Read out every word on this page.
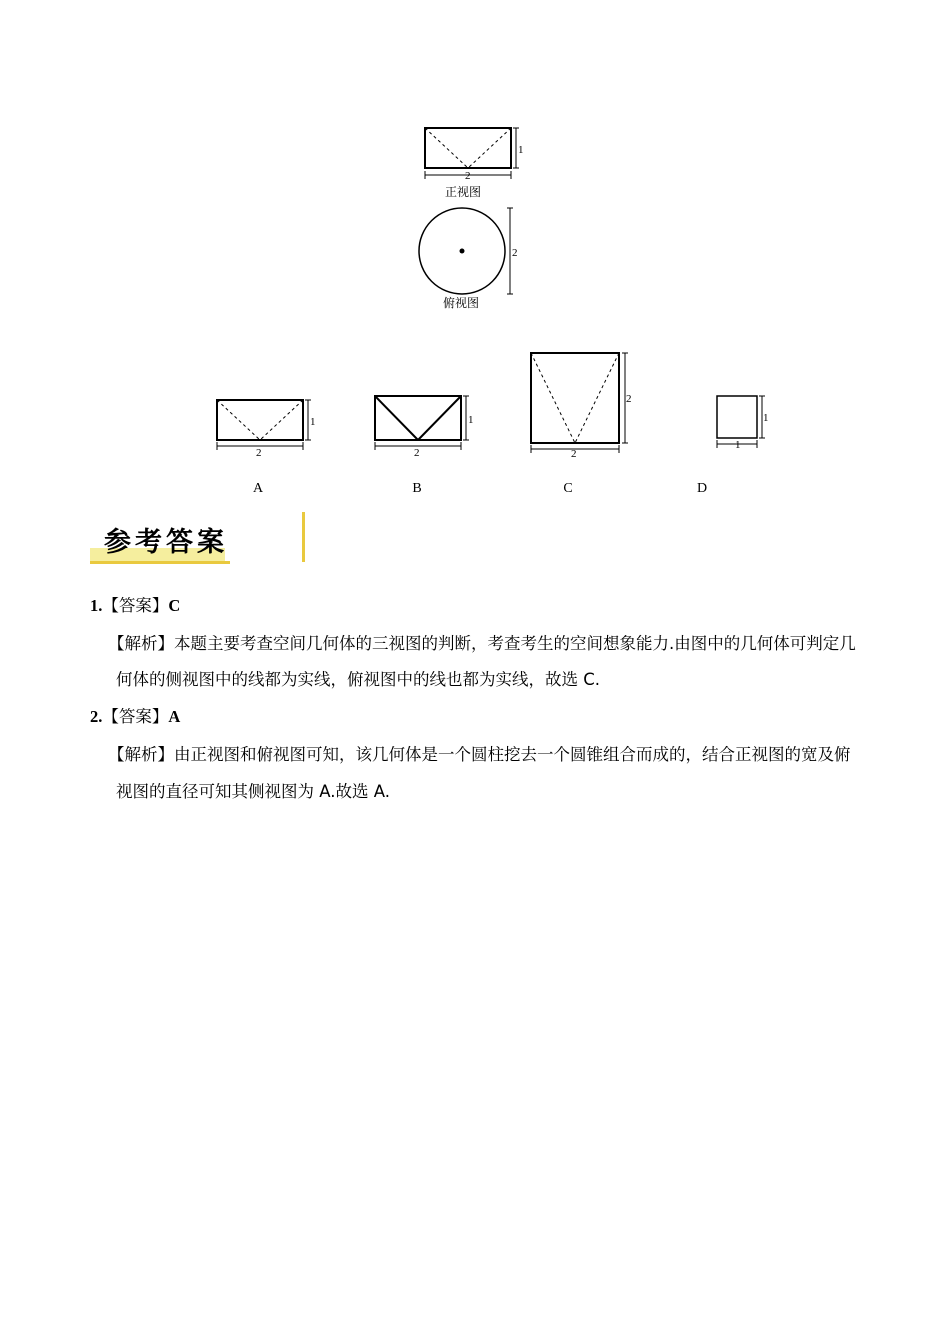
1
2
正视图
2
俯视图
1
2
1
2
2
2
1
1
A	B	C	D
参考答案
1.【答案】C
【解析】本题主要考查空间几何体的三视图的判断，考查考生的空间想象能力.由图中的几何体可判定几
何体的侧视图中的线都为实线，俯视图中的线也都为实线，故选 C.
2.【答案】A
【解析】由正视图和俯视图可知，该几何体是一个圆柱挖去一个圆锥组合而成的，结合正视图的宽及俯
视图的直径可知其侧视图为 A.故选 A.
